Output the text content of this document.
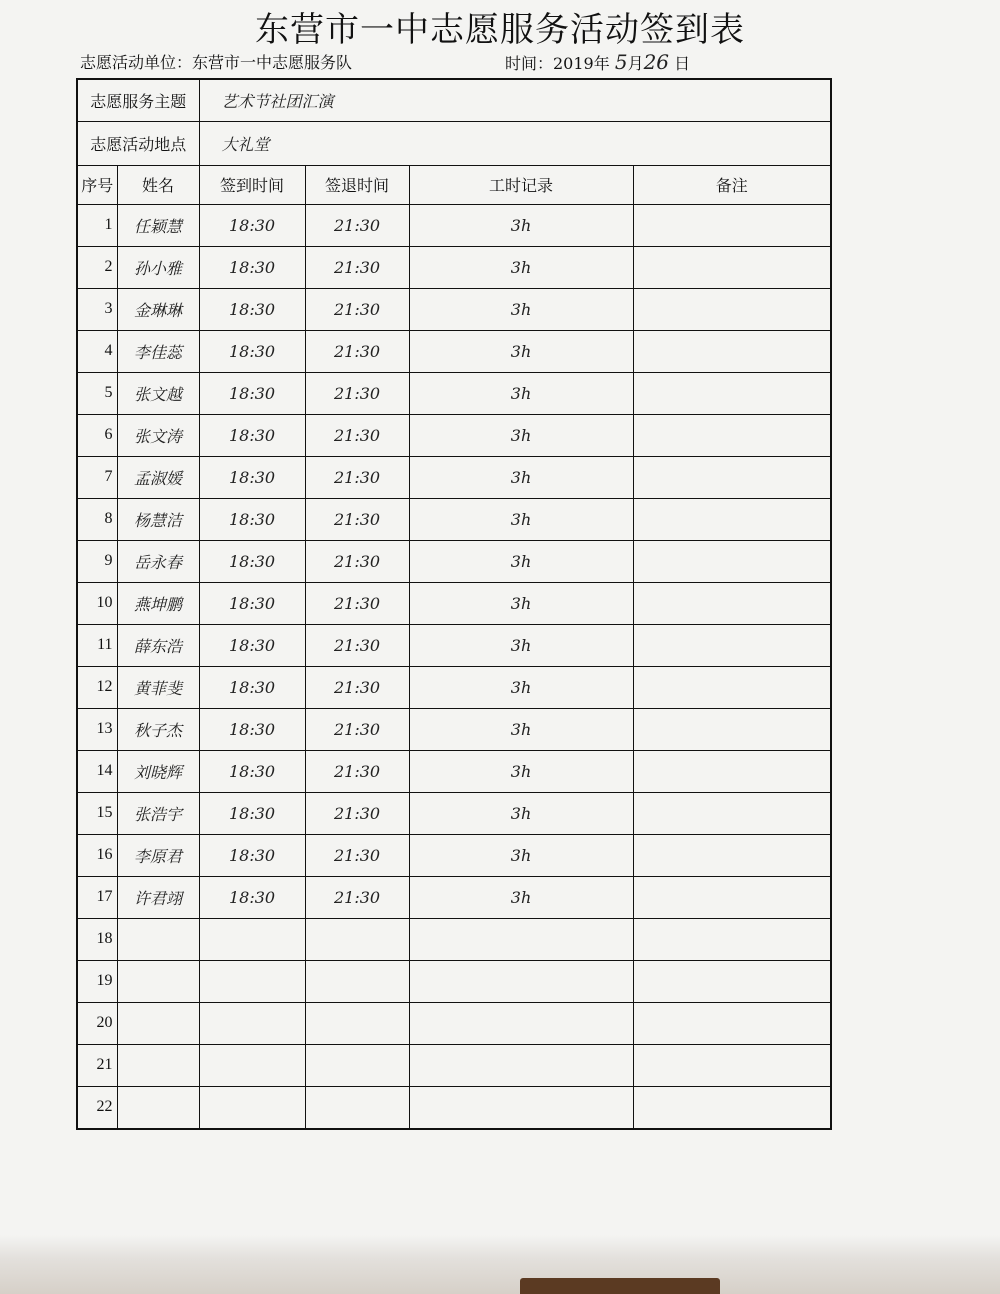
东营市一中志愿服务活动签到表
志愿活动单位：东营市一中志愿服务队	时间：2019年 5月26 日
志愿服务主题		艺术节社团汇演			
志愿活动地点		大礼堂			
序号	姓名	签到时间	签退时间	工时记录	备注
1	任颖慧	18:30	21:30	3h	
2	孙小雅	18:30	21:30	3h	
3	金琳琳	18:30	21:30	3h	
4	李佳蕊	18:30	21:30	3h	
5	张文越	18:30	21:30	3h	
6	张文涛	18:30	21:30	3h	
7	孟淑媛	18:30	21:30	3h	
8	杨慧洁	18:30	21:30	3h	
9	岳永春	18:30	21:30	3h	
10	燕坤鹏	18:30	21:30	3h	
11	薛东浩	18:30	21:30	3h	
12	黄菲斐	18:30	21:30	3h	
13	秋子杰	18:30	21:30	3h	
14	刘晓辉	18:30	21:30	3h	
15	张浩宇	18:30	21:30	3h	
16	李原君	18:30	21:30	3h	
17	许君翊	18:30	21:30	3h	
18					
19					
20					
21					
22					
